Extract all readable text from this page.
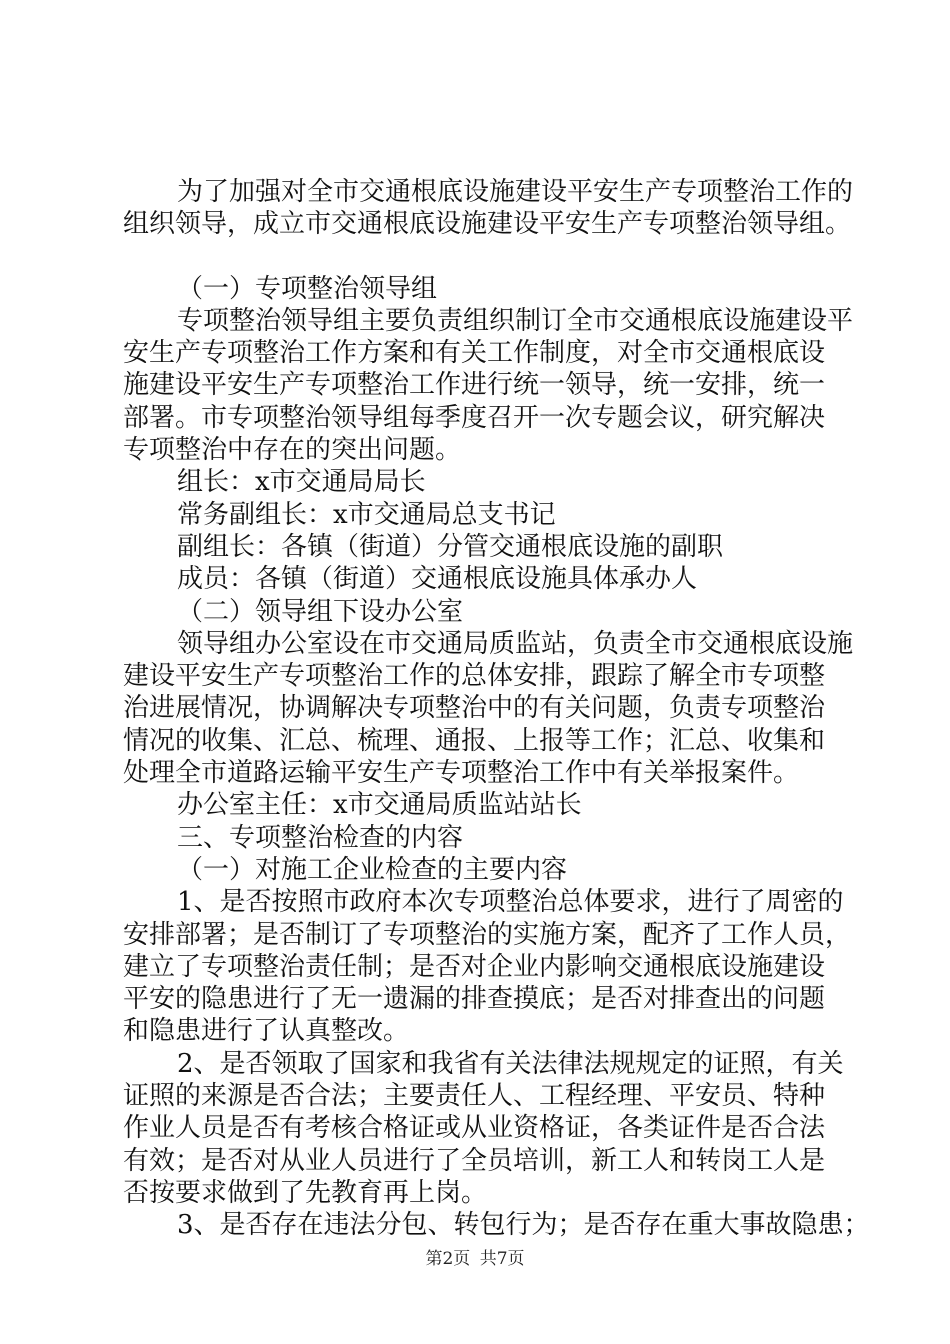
为了加强对全市交通根底设施建设平安生产专项整治工作的
组织领导，成立市交通根底设施建设平安生产专项整治领导组。
（一）专项整治领导组
专项整治领导组主要负责组织制订全市交通根底设施建设平
安生产专项整治工作方案和有关工作制度，对全市交通根底设
施建设平安生产专项整治工作进行统一领导，统一安排，统一
部署。市专项整治领导组每季度召开一次专题会议，研究解决
专项整治中存在的突出问题。
组长：x市交通局局长
常务副组长：x市交通局总支书记
副组长：各镇（街道）分管交通根底设施的副职
成员：各镇（街道）交通根底设施具体承办人
（二）领导组下设办公室
领导组办公室设在市交通局质监站，负责全市交通根底设施
建设平安生产专项整治工作的总体安排，跟踪了解全市专项整
治进展情况，协调解决专项整治中的有关问题，负责专项整治
情况的收集、汇总、梳理、通报、上报等工作；汇总、收集和
处理全市道路运输平安生产专项整治工作中有关举报案件。
办公室主任：x市交通局质监站站长
三、专项整治检查的内容
（一）对施工企业检查的主要内容
1、是否按照市政府本次专项整治总体要求，进行了周密的
安排部署；是否制订了专项整治的实施方案，配齐了工作人员，
建立了专项整治责任制；是否对企业内影响交通根底设施建设
平安的隐患进行了无一遗漏的排查摸底；是否对排查出的问题
和隐患进行了认真整改。
2、是否领取了国家和我省有关法律法规规定的证照，有关
证照的来源是否合法；主要责任人、工程经理、平安员、特种
作业人员是否有考核合格证或从业资格证，各类证件是否合法
有效；是否对从业人员进行了全员培训，新工人和转岗工人是
否按要求做到了先教育再上岗。
3、是否存在违法分包、转包行为；是否存在重大事故隐患；
第2页 共7页
